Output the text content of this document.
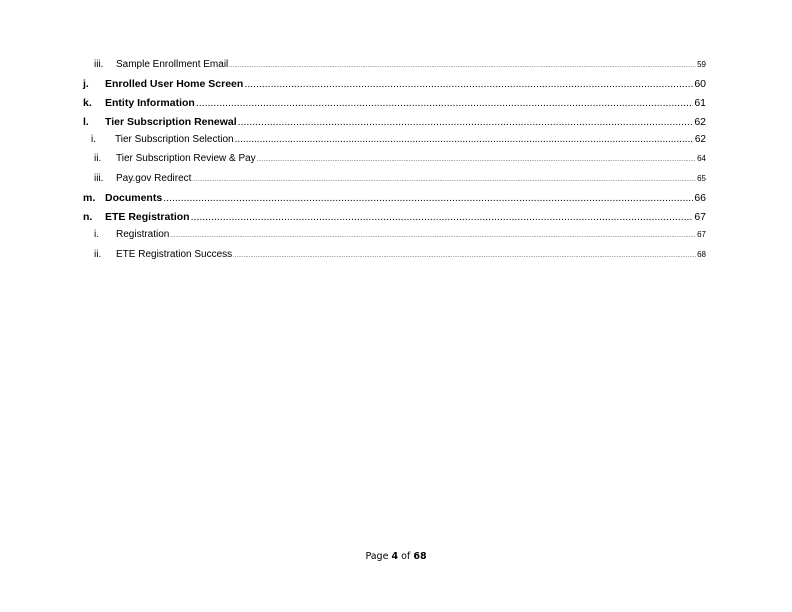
iii. Sample Enrollment Email .....	59
j. Enrolled User Home Screen .....	60
k. Entity Information .....	61
l. Tier Subscription Renewal .....	62
i. Tier Subscription Selection .....	62
ii. Tier Subscription Review & Pay .....	64
iii. Pay.gov Redirect .....	65
m. Documents .....	66
n. ETE Registration .....	67
i. Registration .....	67
ii. ETE Registration Success .....	68
Page 4 of 68
